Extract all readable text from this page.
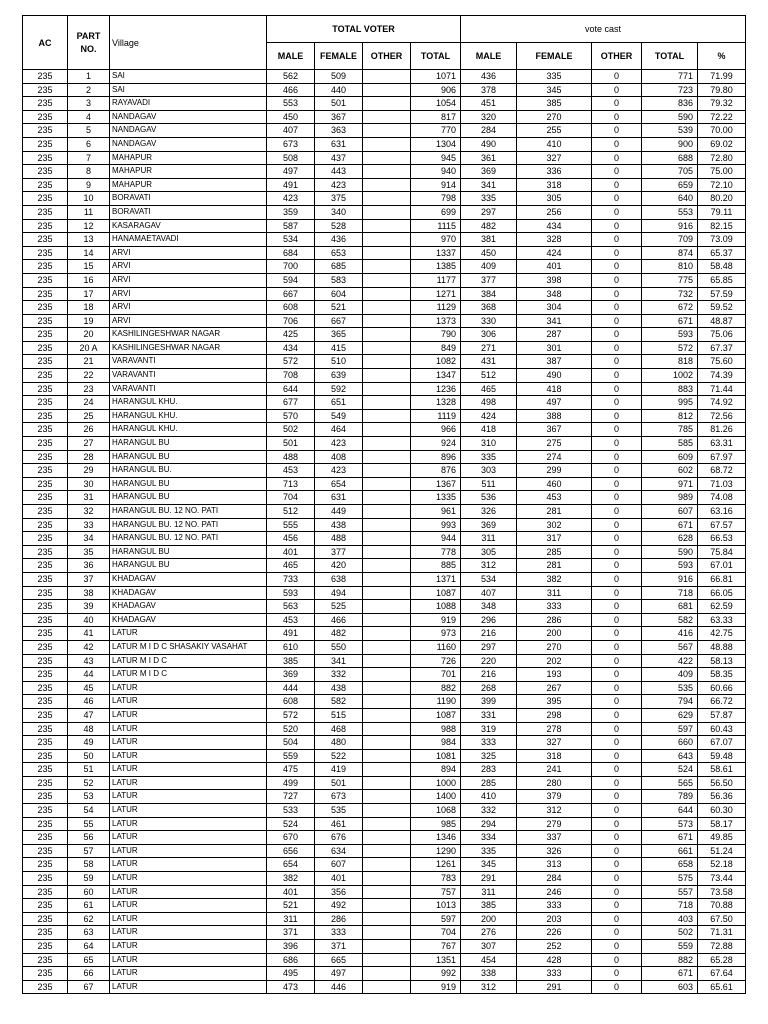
AC	PART NO.	Village	TOTAL VOTER				vote cast				
			MALE	FEMALE	OTHER	TOTAL	MALE	FEMALE	OTHER	TOTAL	%
235	1	SAI	562	509		1071	436	335	0	771	71.99
235	2	SAI	466	440		906	378	345	0	723	79.80
235	3	RAYAVADI	553	501		1054	451	385	0	836	79.32
235	4	NANDAGAV	450	367		817	320	270	0	590	72.22
235	5	NANDAGAV	407	363		770	284	255	0	539	70.00
235	6	NANDAGAV	673	631		1304	490	410	0	900	69.02
235	7	MAHAPUR	508	437		945	361	327	0	688	72.80
235	8	MAHAPUR	497	443		940	369	336	0	705	75.00
235	9	MAHAPUR	491	423		914	341	318	0	659	72.10
235	10	BORAVATI	423	375		798	335	305	0	640	80.20
235	11	BORAVATI	359	340		699	297	256	0	553	79.11
235	12	KASARAGAV	587	528		1115	482	434	0	916	82.15
235	13	HANAMAETAVADI	534	436		970	381	328	0	709	73.09
235	14	ARVI	684	653		1337	450	424	0	874	65.37
235	15	ARVI	700	685		1385	409	401	0	810	58.48
235	16	ARVI	594	583		1177	377	398	0	775	65.85
235	17	ARVI	667	604		1271	384	348	0	732	57.59
235	18	ARVI	608	521		1129	368	304	0	672	59.52
235	19	ARVI	706	667		1373	330	341	0	671	48.87
235	20	KASHILINGESHWAR NAGAR	425	365		790	306	287	0	593	75.06
235	20 A	KASHILINGESHWAR NAGAR	434	415		849	271	301	0	572	67.37
235	21	VARAVANTI	572	510		1082	431	387	0	818	75.60
235	22	VARAVANTI	708	639		1347	512	490	0	1002	74.39
235	23	VARAVANTI	644	592		1236	465	418	0	883	71.44
235	24	HARANGUL KHU.	677	651		1328	498	497	0	995	74.92
235	25	HARANGUL KHU.	570	549		1119	424	388	0	812	72.56
235	26	HARANGUL KHU.	502	464		966	418	367	0	785	81.26
235	27	HARANGUL BU	501	423		924	310	275	0	585	63.31
235	28	HARANGUL BU	488	408		896	335	274	0	609	67.97
235	29	HARANGUL BU.	453	423		876	303	299	0	602	68.72
235	30	HARANGUL BU	713	654		1367	511	460	0	971	71.03
235	31	HARANGUL BU	704	631		1335	536	453	0	989	74.08
235	32	HARANGUL BU. 12 NO. PATI	512	449		961	326	281	0	607	63.16
235	33	HARANGUL BU. 12 NO. PATI	555	438		993	369	302	0	671	67.57
235	34	HARANGUL BU. 12 NO. PATI	456	488		944	311	317	0	628	66.53
235	35	HARANGUL BU	401	377		778	305	285	0	590	75.84
235	36	HARANGUL BU	465	420		885	312	281	0	593	67.01
235	37	KHADAGAV	733	638		1371	534	382	0	916	66.81
235	38	KHADAGAV	593	494		1087	407	311	0	718	66.05
235	39	KHADAGAV	563	525		1088	348	333	0	681	62.59
235	40	KHADAGAV	453	466		919	296	286	0	582	63.33
235	41	LATUR	491	482		973	216	200	0	416	42.75
235	42	LATUR M I D C SHASAKIY VASAHAT	610	550		1160	297	270	0	567	48.88
235	43	LATUR M I D C	385	341		726	220	202	0	422	58.13
235	44	LATUR M I D C	369	332		701	216	193	0	409	58.35
235	45	LATUR	444	438		882	268	267	0	535	60.66
235	46	LATUR	608	582		1190	399	395	0	794	66.72
235	47	LATUR	572	515		1087	331	298	0	629	57.87
235	48	LATUR	520	468		988	319	278	0	597	60.43
235	49	LATUR	504	480		984	333	327	0	660	67.07
235	50	LATUR	559	522		1081	325	318	0	643	59.48
235	51	LATUR	475	419		894	283	241	0	524	58.61
235	52	LATUR	499	501		1000	285	280	0	565	56.50
235	53	LATUR	727	673		1400	410	379	0	789	56.36
235	54	LATUR	533	535		1068	332	312	0	644	60.30
235	55	LATUR	524	461		985	294	279	0	573	58.17
235	56	LATUR	670	676		1346	334	337	0	671	49.85
235	57	LATUR	656	634		1290	335	326	0	661	51.24
235	58	LATUR	654	607		1261	345	313	0	658	52.18
235	59	LATUR	382	401		783	291	284	0	575	73.44
235	60	LATUR	401	356		757	311	246	0	557	73.58
235	61	LATUR	521	492		1013	385	333	0	718	70.88
235	62	LATUR	311	286		597	200	203	0	403	67.50
235	63	LATUR	371	333		704	276	226	0	502	71.31
235	64	LATUR	396	371		767	307	252	0	559	72.88
235	65	LATUR	686	665		1351	454	428	0	882	65.28
235	66	LATUR	495	497		992	338	333	0	671	67.64
235	67	LATUR	473	446		919	312	291	0	603	65.61
